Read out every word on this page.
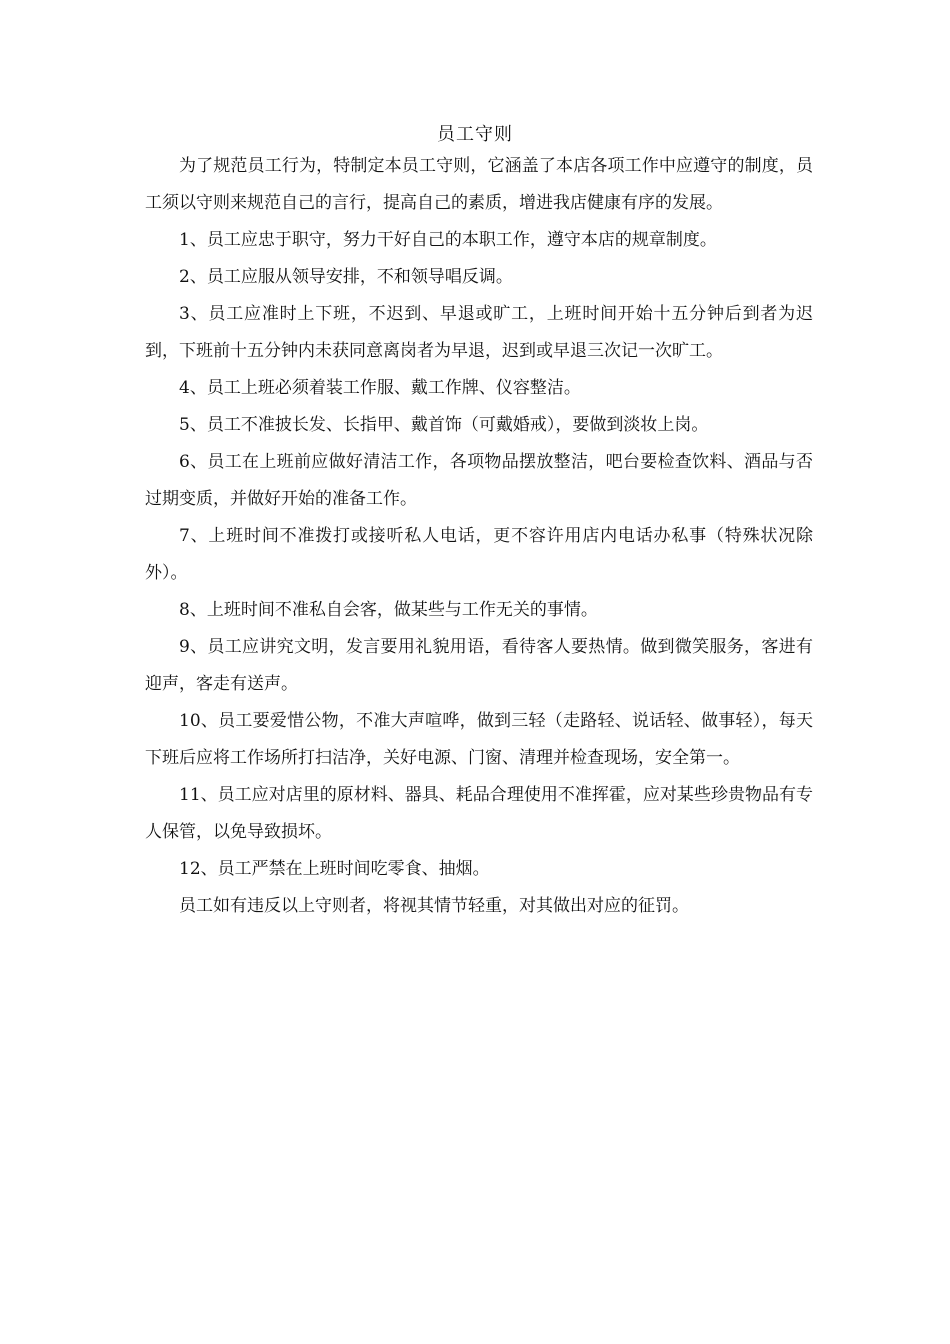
员工守则

为了规范员工行为，特制定本员工守则，它涵盖了本店各项工作中应遵守的制度，员工须以守则来规范自己的言行，提高自己的素质，增进我店健康有序的发展。

1、员工应忠于职守，努力干好自己的本职工作，遵守本店的规章制度。

2、员工应服从领导安排，不和领导唱反调。

3、员工应准时上下班，不迟到、早退或旷工，上班时间开始十五分钟后到者为迟到，下班前十五分钟内未获同意离岗者为早退，迟到或早退三次记一次旷工。

4、员工上班必须着装工作服、戴工作牌、仪容整洁。

5、员工不准披长发、长指甲、戴首饰（可戴婚戒），要做到淡妆上岗。

6、员工在上班前应做好清洁工作，各项物品摆放整洁，吧台要检查饮料、酒品与否过期变质，并做好开始的准备工作。

7、上班时间不准拨打或接听私人电话，更不容许用店内电话办私事（特殊状况除外）。

8、上班时间不准私自会客，做某些与工作无关的事情。

9、员工应讲究文明，发言要用礼貌用语，看待客人要热情。做到微笑服务，客进有迎声，客走有送声。

10、员工要爱惜公物，不准大声喧哗，做到三轻（走路轻、说话轻、做事轻），每天下班后应将工作场所打扫洁净，关好电源、门窗、清理并检查现场，安全第一。

11、员工应对店里的原材料、器具、耗品合理使用不准挥霍，应对某些珍贵物品有专人保管，以免导致损坏。

12、员工严禁在上班时间吃零食、抽烟。

员工如有违反以上守则者，将视其情节轻重，对其做出对应的征罚。
